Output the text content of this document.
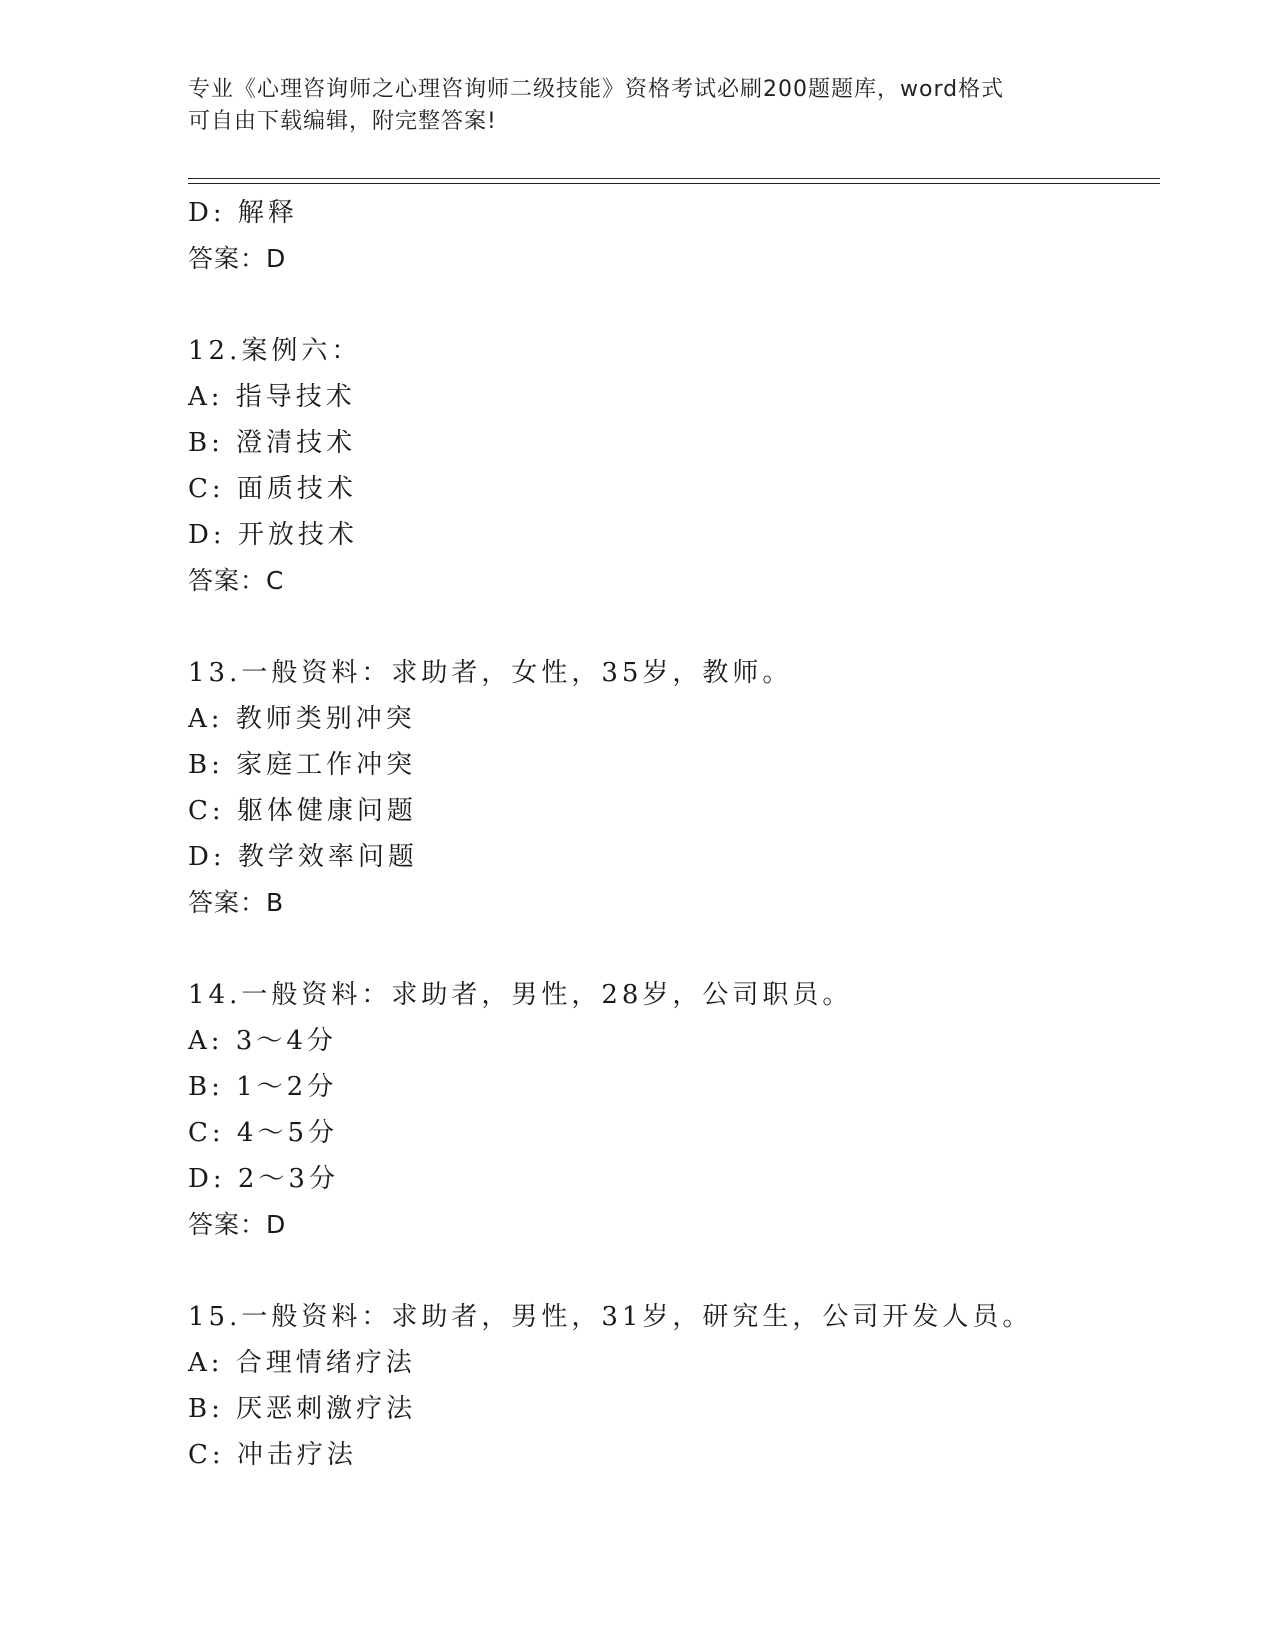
专业《心理咨询师之心理咨询师二级技能》资格考试必刷200题题库，word格式
可自由下载编辑，附完整答案!
D: 解释
答案：D
12.案例六：
A: 指导技术
B: 澄清技术
C: 面质技术
D: 开放技术
答案：C
13.一般资料：求助者，女性，35岁，教师。
A: 教师类别冲突
B: 家庭工作冲突
C: 躯体健康问题
D: 教学效率问题
答案：B
14.一般资料：求助者，男性，28岁，公司职员。
A: 3～4分
B: 1～2分
C: 4～5分
D: 2～3分
答案：D
15.一般资料：求助者，男性，31岁，研究生，公司开发人员。
A: 合理情绪疗法
B: 厌恶刺激疗法
C: 冲击疗法
